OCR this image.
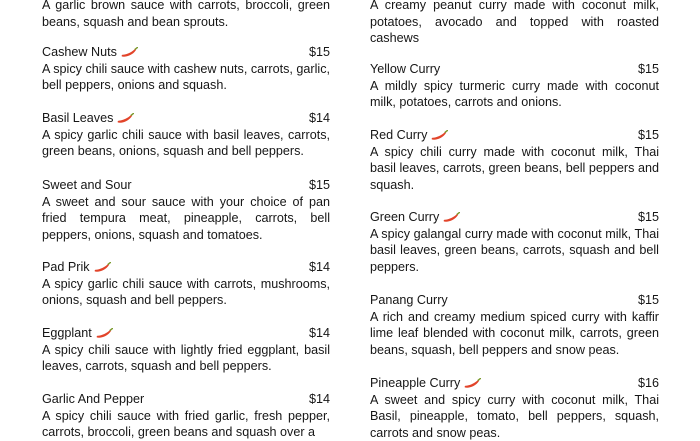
A garlic brown sauce with carrots, broccoli, green beans, squash and bean sprouts.

Cashew Nuts	$15

A spicy chili sauce with cashew nuts, carrots, garlic, bell peppers, onions and squash.

Basil Leaves	$14

A spicy garlic chili sauce with basil leaves, carrots, green beans, onions, squash and bell peppers.

Sweet and Sour	$15

A sweet and sour sauce with your choice of pan fried tempura meat, pineapple, carrots, bell peppers, onions, squash and tomatoes.

Pad Prik	$14

A spicy garlic chili sauce with carrots, mushrooms, onions, squash and bell peppers.

Eggplant	$14

A spicy chili sauce with lightly fried eggplant, basil leaves, carrots, squash and bell peppers.

Garlic And Pepper	$14

A spicy chili sauce with fried garlic, fresh pepper, carrots, broccoli, green beans and squash over a

A creamy peanut curry made with coconut milk, potatoes, avocado and topped with roasted cashews

Yellow Curry	$15

A mildly spicy turmeric curry made with coconut milk, potatoes, carrots and onions.

Red Curry	$15

A spicy chili curry made with coconut milk, Thai basil leaves, carrots, green beans, bell peppers and squash.

Green Curry	$15

A spicy galangal curry made with coconut milk, Thai basil leaves, green beans, carrots, squash and bell peppers.

Panang Curry	$15

A rich and creamy medium spiced curry with kaffir lime leaf blended with coconut milk, carrots, green beans, squash, bell peppers and snow peas.

Pineapple Curry	$16

A sweet and spicy curry with coconut milk, Thai Basil, pineapple, tomato, bell peppers, squash, carrots and snow peas.
